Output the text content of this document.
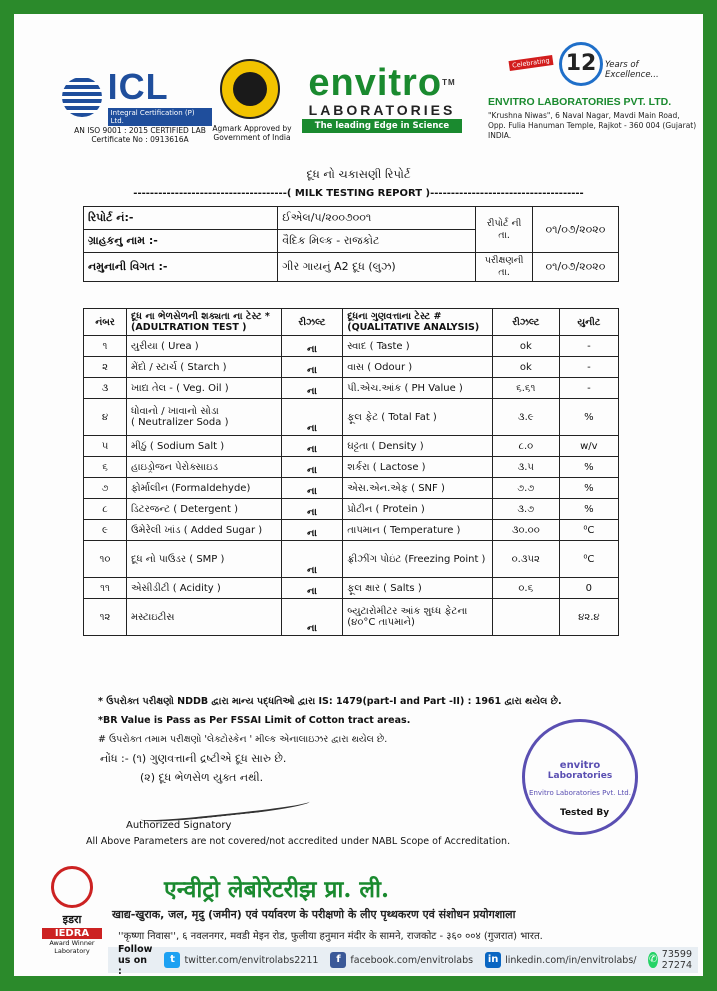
ICL
Integral Certification (P) Ltd.
AN ISO 9001 : 2015 CERTIFIED LAB
Certificate No : 0913616A
Agmark Approved by Government of India
envitro™
LABORATORIES
The leading Edge in Science
Celebrating 12	Years of Excellence...
ENVITRO LABORATORIES PVT. LTD.
"Krushna Niwas", 6 Naval Nagar, Mavdi Main Road, Opp. Fulia Hanuman Temple, Rajkot - 360 004 (Gujarat) INDIA.
દૂધ નો ચકાસણી રિપોર્ટ
-------------------------------------( MILK TESTING REPORT )-------------------------------------
રિપોર્ટ નં:-	ઈએલ/૫/૨૦૦૭૦૦૧	રીપોર્ટ ની તા.	૦૧/૦૭/૨૦૨૦
ગ્રાહકનુ નામ :-	વૈદિક મિલ્ક - રાજકોટ		
નમુનાની વિગત :-	ગીર ગાયનું A2 દૂધ (લુઝ)	પરીક્ષણની તા.	૦૧/૦૭/૨૦૨૦
નંબર	દૂધ ના ભેળસેળની શક્યતા ના ટેસ્ટ *
(ADULTRATION TEST )	રીઝલ્ટ	દૂધના ગુણવત્તાના ટેસ્ટ #
(QUALITATIVE ANALYSIS)	રીઝલ્ટ	યુનીટ
૧	યુરીયા ( Urea )	ના	સ્વાદ ( Taste )	ok	-
૨	મેંદો / સ્ટાર્ચ ( Starch )	ના	વાસ ( Odour )	ok	-
૩	ખાદ્ય તેલ - ( Veg. Oil )	ના	પી.એચ.આંક ( PH Value )	૬.૬૧	-
૪	ધોવાનો / ખાવાનો સોડા
( Neutralizer Soda )	ના	ફૂલ ફેટ ( Total Fat )	૩.૯	%
૫	મીઠું ( Sodium Salt )	ના	ઘટ્ટતા ( Density )	૮.૦	w/v
૬	હાઇડ્રોજન પેરોક્સાઇડ	ના	શર્કરા ( Lactose )	૩.૫	%
૭	ફોર્માલીન (Formaldehyde)	ના	એસ.એન.એફ ( SNF )	૭.૭	%
૮	ડિટરજન્ટ ( Detergent )	ના	પ્રોટીન ( Protein )	૩.૭	%
૯	ઉમેરેલી ખાંડ ( Added Sugar )	ના	તાપમાન ( Temperature )	૩૦.૦૦	⁰C
૧૦	દૂધ નો પાઉડર ( SMP )	ના	ફ્રીઝીંગ પોઇંટ (Freezing Point )	૦.૩૫૨	⁰C
૧૧	એસીડીટી ( Acidity )	ના	ફૂલ ક્ષાર ( Salts )	૦.૬	0
૧૨	મસ્ટાઇટીસ	ના	બ્યુટારોમીટર આંક શુધ્ધ ફેટના
(૪૦°C તાપમાને)		૪૨.૪
* ઉપરોક્ત પરીક્ષણો NDDB દ્વારા માન્ય પદ્ધતિઓ દ્વારા IS: 1479(part-I and Part -II) : 1961 દ્વારા થયેલ છે.
*BR Value is Pass as Per FSSAI Limit of Cotton tract areas.
# ઉપરોક્ત તમામ પરીક્ષણો 'લેક્ટોસ્કેન ' મીલ્ક એનાલાઇઝર દ્વારા થયેલ છે.
નોંધ :- (૧) ગુણવત્તાની દ્રષ્ટીએ દૂધ સારુ છે.
(૨) દૂધ ભેળસેળ યુક્ત નથી.
Authorized Signatory
All Above Parameters are not covered/not accredited under NABL Scope of Accreditation.
envitro
Laboratories
Envitro Laboratories Pvt. Ltd.
Tested By
इडरा
IEDRA
Award Winner Laboratory
एन्वीट्रो लेबोरेटरीझ प्रा. ली.
खाद्य-खुराक, जल, मृदु (जमीन) एवं पर्यावरण के परीक्षणो के लीए पृथ्थकरण एवं संशोधन प्रयोगशाला
''कृष्णा निवास'', ६ नवलनगर, मवडी मेइन रोड, फुलीया हनुमान मंदीर के सामने, राजकोट - ३६० ००४ (गुजरात) भारत.
Follow us on :
t	twitter.com/envitrolabs2211	f	facebook.com/envitrolabs in linkedin.com/in/envitrolabs/ ✆ 73599 27274
